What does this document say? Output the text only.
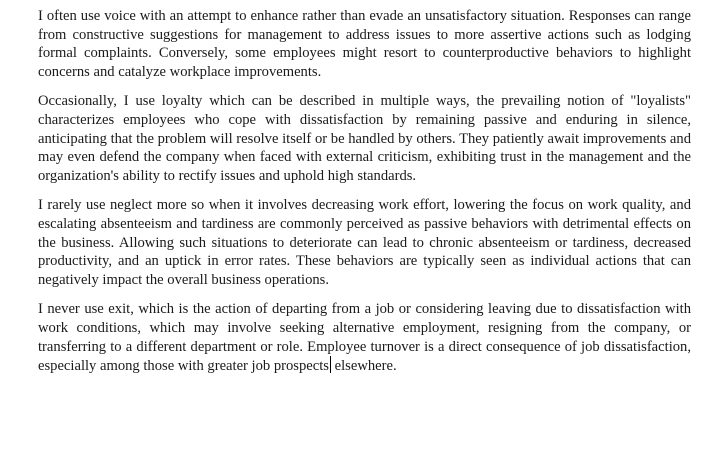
I often use voice with an attempt to enhance rather than evade an unsatisfactory situation. Responses can range from constructive suggestions for management to address issues to more assertive actions such as lodging formal complaints. Conversely, some employees might resort to counterproductive behaviors to highlight concerns and catalyze workplace improvements.

Occasionally, I use loyalty which can be described in multiple ways, the prevailing notion of "loyalists" characterizes employees who cope with dissatisfaction by remaining passive and enduring in silence, anticipating that the problem will resolve itself or be handled by others. They patiently await improvements and may even defend the company when faced with external criticism, exhibiting trust in the management and the organization's ability to rectify issues and uphold high standards.

I rarely use neglect more so when it involves decreasing work effort, lowering the focus on work quality, and escalating absenteeism and tardiness are commonly perceived as passive behaviors with detrimental effects on the business. Allowing such situations to deteriorate can lead to chronic absenteeism or tardiness, decreased productivity, and an uptick in error rates. These behaviors are typically seen as individual actions that can negatively impact the overall business operations.

I never use exit, which is the action of departing from a job or considering leaving due to dissatisfaction with work conditions, which may involve seeking alternative employment, resigning from the company, or transferring to a different department or role. Employee turnover is a direct consequence of job dissatisfaction, especially among those with greater job prospects elsewhere.
